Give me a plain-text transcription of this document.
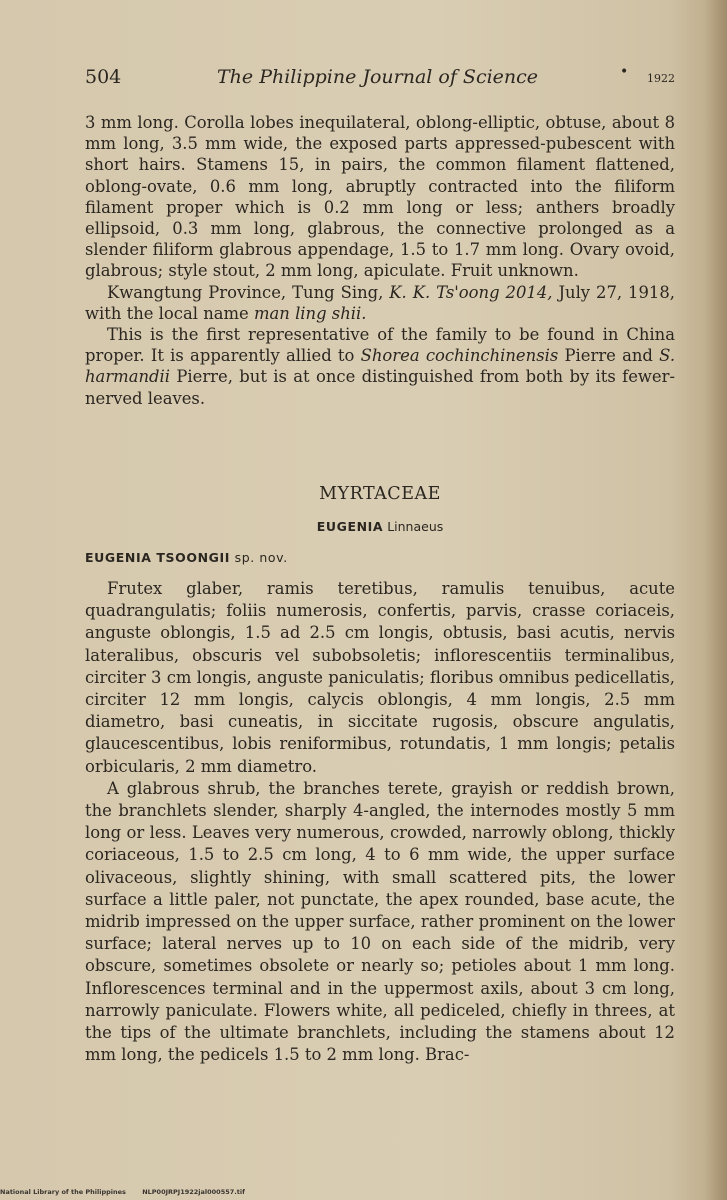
504	The Philippine Journal of Science	• 1922

3 mm long. Corolla lobes inequilateral, oblong-elliptic, obtuse, about 8 mm long, 3.5 mm wide, the exposed parts appressed-pubescent with short hairs. Stamens 15, in pairs, the common filament flattened, oblong-ovate, 0.6 mm long, abruptly contracted into the filiform filament proper which is 0.2 mm long or less; anthers broadly ellipsoid, 0.3 mm long, glabrous, the connective prolonged as a slender filiform glabrous appendage, 1.5 to 1.7 mm long. Ovary ovoid, glabrous; style stout, 2 mm long, apiculate. Fruit unknown.

Kwangtung Province, Tung Sing, K. K. Ts'oong 2014, July 27, 1918, with the local name man ling shii.

This is the first representative of the family to be found in China proper. It is apparently allied to Shorea cochinchinensis Pierre and S. harmandii Pierre, but is at once distinguished from both by its fewer-nerved leaves.

MYRTACEAE
EUGENIA Linnaeus
EUGENIA TSOONGII sp. nov.

Frutex glaber, ramis teretibus, ramulis tenuibus, acute quadrangulatis; foliis numerosis, confertis, parvis, crasse coriaceis, anguste oblongis, 1.5 ad 2.5 cm longis, obtusis, basi acutis, nervis lateralibus, obscuris vel subobsoletis; inflorescentiis terminalibus, circiter 3 cm longis, anguste paniculatis; floribus omnibus pedicellatis, circiter 12 mm longis, calycis oblongis, 4 mm longis, 2.5 mm diametro, basi cuneatis, in siccitate rugosis, obscure angulatis, glaucescentibus, lobis reniformibus, rotundatis, 1 mm longis; petalis orbicularis, 2 mm diametro.

A glabrous shrub, the branches terete, grayish or reddish brown, the branchlets slender, sharply 4-angled, the internodes mostly 5 mm long or less. Leaves very numerous, crowded, narrowly oblong, thickly coriaceous, 1.5 to 2.5 cm long, 4 to 6 mm wide, the upper surface olivaceous, slightly shining, with small scattered pits, the lower surface a little paler, not punctate, the apex rounded, base acute, the midrib impressed on the upper surface, rather prominent on the lower surface; lateral nerves up to 10 on each side of the midrib, very obscure, sometimes obsolete or nearly so; petioles about 1 mm long. Inflorescences terminal and in the uppermost axils, about 3 cm long, narrowly paniculate. Flowers white, all pediceled, chiefly in threes, at the tips of the ultimate branchlets, including the stamens about 12 mm long, the pedicels 1.5 to 2 mm long. Brac-

National Library of the Philippines	NLP00JRPJ1922jal000557.tif
